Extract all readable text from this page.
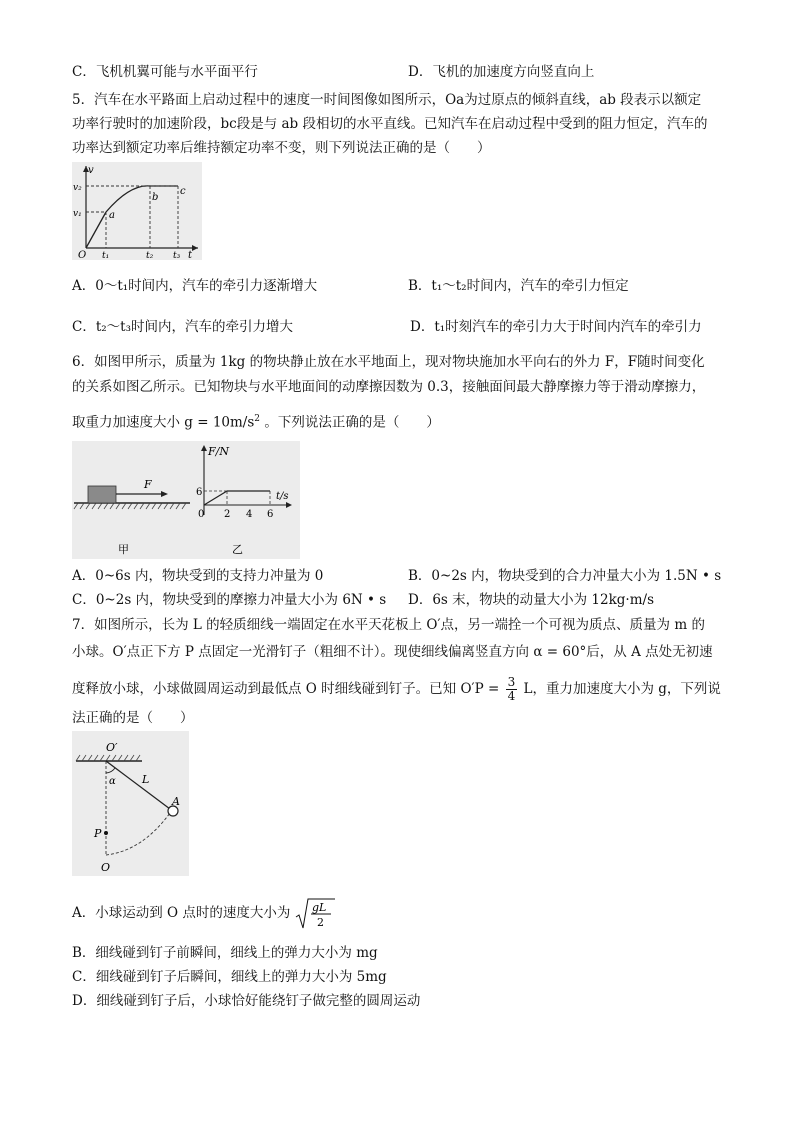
C．飞机机翼可能与水平面平行	D．飞机的加速度方向竖直向上
5．汽车在水平路面上启动过程中的速度一时间图像如图所示，Oa为过原点的倾斜直线，ab 段表示以额定
功率行驶时的加速阶段，bc段是与 ab 段相切的水平直线。已知汽车在启动过程中受到的阻力恒定，汽车的
功率达到额定功率后维持额定功率不变，则下列说法正确的是（　　）
v
v₂
v₁
O	t
t₁	t₂ t₃
a
b
c
A．0～t₁时间内，汽车的牵引力逐渐增大	B．t₁～t₂时间内，汽车的牵引力恒定
C．t₂～t₃时间内，汽车的牵引力增大	D．t₁时刻汽车的牵引力大于时间内汽车的牵引力
6．如图甲所示，质量为 1kg 的物块静止放在水平地面上，现对物块施加水平向右的外力 F，F随时间变化
的关系如图乙所示。已知物块与水平地面间的动摩擦因数为 0.3，接触面间最大静摩擦力等于滑动摩擦力，
取重力加速度大小 $g = 10m/s^2$ 。下列说法正确的是（　　）
F
甲
F/N
t/s
6
0 2 4 6
乙
A．0~6s 内，物块受到的支持力冲量为 0	B．0~2s 内，物块受到的合力冲量大小为 1.5N • s
C．0~2s 内，物块受到的摩擦力冲量大小为 6N • s D．6s 末，物块的动量大小为 12kg·m/s
7．如图所示，长为 L 的轻质细线一端固定在水平天花板上 O′点，另一端拴一个可视为质点、质量为 m 的
小球。O′点正下方 P 点固定一光滑钉子（粗细不计）。现使细线偏离竖直方向 α = 60°后，从 A 点处无初速
度释放小球，小球做圆周运动到最低点 O 时细线碰到钉子。已知 $O'P = \frac{3}{4}$ L，重力加速度大小为 g，下列说
法正确的是（　　）
O′
α L
A
P
O
A．小球运动到 O 点时的速度大小为 gL
2
B．细线碰到钉子前瞬间，细线上的弹力大小为 mg
C．细线碰到钉子后瞬间，细线上的弹力大小为 5mg
D．细线碰到钉子后，小球恰好能绕钉子做完整的圆周运动
